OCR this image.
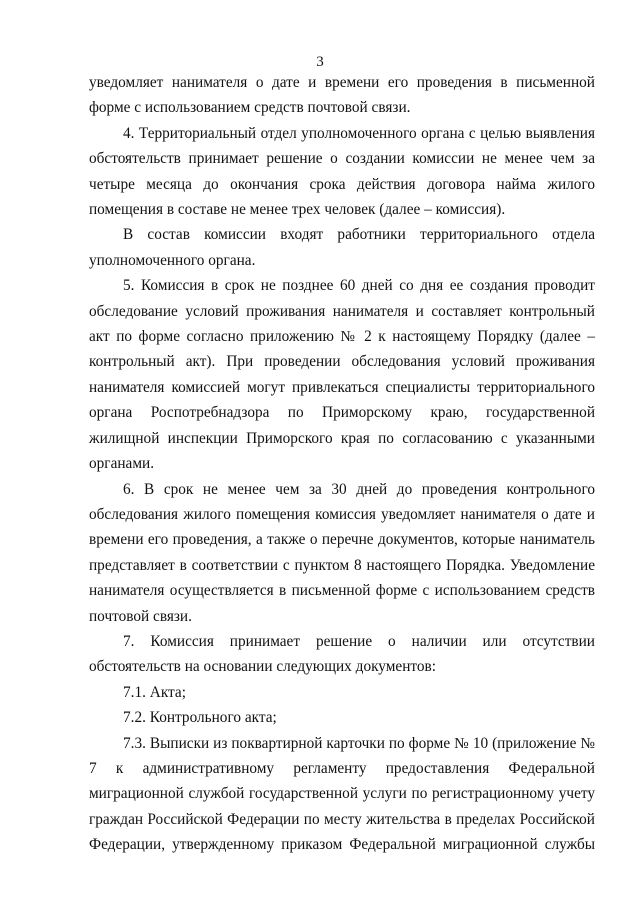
3

уведомляет нанимателя о дате и времени его проведения в письменной форме с использованием средств почтовой связи.

4. Территориальный отдел уполномоченного органа с целью выявления обстоятельств принимает решение о создании комиссии не менее чем за четыре месяца до окончания срока действия договора найма жилого помещения в составе не менее трех человек (далее – комиссия).

В состав комиссии входят работники территориального отдела уполномоченного органа.

5. Комиссия в срок не позднее 60 дней со дня ее создания проводит обследование условий проживания нанимателя и составляет контрольный акт по форме согласно приложению № 2 к настоящему Порядку (далее – контрольный акт). При проведении обследования условий проживания нанимателя комиссией могут привлекаться специалисты территориального органа Роспотребнадзора по Приморскому краю, государственной жилищной инспекции Приморского края по согласованию с указанными органами.

6. В срок не менее чем за 30 дней до проведения контрольного обследования жилого помещения комиссия уведомляет нанимателя о дате и времени его проведения, а также о перечне документов, которые наниматель представляет в соответствии с пунктом 8 настоящего Порядка. Уведомление нанимателя осуществляется в письменной форме с использованием средств почтовой связи.

7. Комиссия принимает решение о наличии или отсутствии обстоятельств на основании следующих документов:

7.1. Акта;

7.2. Контрольного акта;

7.3. Выписки из поквартирной карточки по форме № 10 (приложение № 7 к административному регламенту предоставления Федеральной миграционной службой государственной услуги по регистрационному учету граждан Российской Федерации по месту жительства в пределах Российской Федерации, утвержденному приказом Федеральной миграционной службы
